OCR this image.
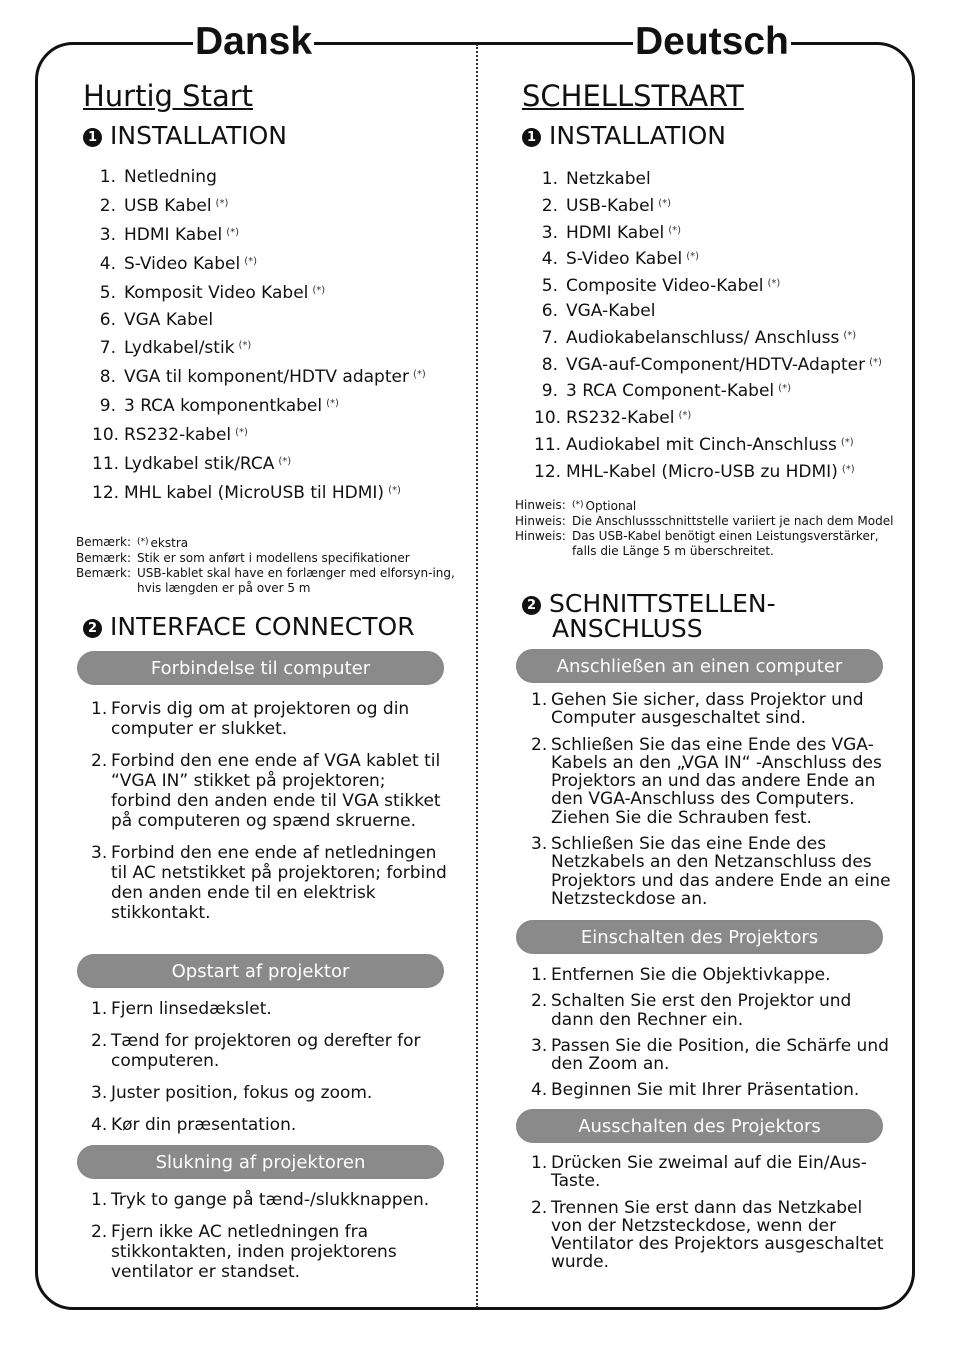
Dansk	Deutsch
Hurtig Start
1 INSTALLATION
1. Netledning
2. USB Kabel (*)
3. HDMI Kabel (*)
4. S-Video Kabel (*)
5. Komposit Video Kabel (*)
6. VGA Kabel
7. Lydkabel/stik (*)
8. VGA til komponent/HDTV adapter (*)
9. 3 RCA komponentkabel (*)
10. RS232-kabel (*)
11. Lydkabel stik/RCA (*)
12. MHL kabel (MicroUSB til HDMI) (*)
Bemærk: (*) ekstra
Bemærk: Stik er som anført i modellens specifikationer
Bemærk: USB-kablet skal have en forlænger med elforsyn-ing, hvis længden er på over 5 m
2 INTERFACE CONNECTOR
Forbindelse til computer
1. Forvis dig om at projektoren og din computer er slukket.
2. Forbind den ene ende af VGA kablet til “VGA IN” stikket på projektoren; forbind den anden ende til VGA stikket på computeren og spænd skruerne.
3. Forbind den ene ende af netledningen til AC netstikket på projektoren; forbind den anden ende til en elektrisk stikkontakt.
Opstart af projektor
1. Fjern linsedækslet.
2. Tænd for projektoren og derefter for computeren.
3. Juster position, fokus og zoom.
4. Kør din præsentation.
Slukning af projektoren
1. Tryk to gange på tænd-/slukknappen.
2. Fjern ikke AC netledningen fra stikkontakten, inden projektorens ventilator er standset.
SCHELLSTRART
1 INSTALLATION
1. Netzkabel
2. USB-Kabel (*)
3. HDMI Kabel (*)
4. S-Video Kabel (*)
5. Composite Video-Kabel (*)
6. VGA-Kabel
7. Audiokabelanschluss/ Anschluss (*)
8. VGA-auf-Component/HDTV-Adapter (*)
9. 3 RCA Component-Kabel (*)
10. RS232-Kabel (*)
11. Audiokabel mit Cinch-Anschluss (*)
12. MHL-Kabel (Micro-USB zu HDMI) (*)
Hinweis: (*) Optional
Hinweis: Die Anschlussschnittstelle variiert je nach dem Model
Hinweis: Das USB-Kabel benötigt einen Leistungsverstärker, falls die Länge 5 m überschreitet.
2 SCHNITTSTELLEN-
ANSCHLUSS
Anschließen an einen computer
1. Gehen Sie sicher, dass Projektor und Computer ausgeschaltet sind.
2. Schließen Sie das eine Ende des VGA-Kabels an den „VGA IN“ -Anschluss des Projektors an und das andere Ende an den VGA-Anschluss des Computers. Ziehen Sie die Schrauben fest.
3. Schließen Sie das eine Ende des Netzkabels an den Netzanschluss des Projektors und das andere Ende an eine Netzsteckdose an.
Einschalten des Projektors
1. Entfernen Sie die Objektivkappe.
2. Schalten Sie erst den Projektor und dann den Rechner ein.
3. Passen Sie die Position, die Schärfe und den Zoom an.
4. Beginnen Sie mit Ihrer Präsentation.
Ausschalten des Projektors
1. Drücken Sie zweimal auf die Ein/Aus-Taste.
2. Trennen Sie erst dann das Netzkabel von der Netzsteckdose, wenn der Ventilator des Projektors ausgeschaltet wurde.
